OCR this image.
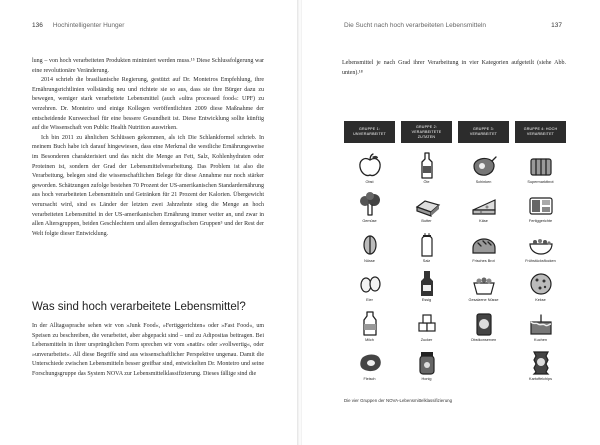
136 Hochintelligenter Hunger

lung – von hoch verarbeiteten Produkten minimiert werden muss.¹⁵ Diese Schlussfolgerung war eine revolutionäre Veränderung.

2014 schrieb die brasilianische Regierung, gestützt auf Dr. Monteiros Empfehlung, ihre Ernährungsrichtlinien vollständig neu und richtete sie so aus, dass sie ihre Bürger dazu zu bewegen, weniger stark verarbeitete Lebensmittel (auch »ultra processed food«: UPF) zu verzehren. Dr. Monteiro und einige Kollegen veröffentlichten 2009 diese Maßnahme der entscheidende Kurswechsel für eine bessere Gesundheit ist. Diese Entwicklung sollte künftig auf die Wissenschaft von Public Health Nutrition auswirken.

Ich bin 2011 zu ähnlichen Schlüssen gekommen, als ich Die Schlankformel schrieb. In meinem Buch habe ich darauf hingewiesen, dass eine Merkmal die westliche Ernährungsweise im Besonderen charakterisiert und das nicht die Menge an Fett, Salz, Kohlenhydraten oder Proteinen ist, sondern der Grad der Lebensmittelverarbeitung. Das Problem ist also die Verarbeitung, belegen sind die wissenschaftlichen Belege für diese Annahme nur noch stärker geworden. Schätzungen zufolge bestehen 70 Prozent der US-amerikanischen Standardernährung aus hoch verarbeiteten Lebensmitteln und Getränken für 21 Prozent der Kalorien. Übergewicht verursacht wird, sind es Länder der letzten zwei Jahrzehnte stieg die Menge an hoch verarbeiteten Lebensmittel in der US-amerikanischen Ernährung immer weiter an, und zwar in allen Altersgruppen, beiden Geschlechtern und allen demografischen Gruppen⁵ und der Rest der Welt folgte dieser Entwicklung.

Was sind hoch verarbeitete Lebensmittel?

In der Alltagssprache sehen wir von »Junk Food«, »Fertiggerichten« oder »Fast Food«, um Speisen zu beschreiben, die verarbeitet, aber abgepackt sind – und zu Adipositas beitragen. Bei Lebensmitteln in ihrer ursprünglichen Form sprechen wir vom »natür« oder »vollwertig«, oder »unverarbeitet«. All diese Begriffe sind aus wissenschaftlicher Perspektive ungenau. Damit die Unterschiede zwischen Lebensmitteln besser greifbar sind, entwickelten Dr. Monteiro und seine Forschungsgruppe das System NOVA zur Lebensmittelklassifizierung. Dieses fällige sind die

Die Sucht nach hoch verarbeiteten Lebensmitteln	137
Lebensmittel je nach Grad ihrer Verarbeitung in vier Kategorien aufgeteilt (siehe Abb. unten).¹⁸
GRUPPE 1: UNVERARBEITET
GRUPPE 2: VERARBEITETE ZUTATEN
GRUPPE 3: VERARBEITET
GRUPPE 4: HOCH VERARBEITET
Obst
Gemüse
Nüsse
Eier
Milch
Fleisch
Öle
Butter
Salz
Essig
Zucker
Honig
Schinken
Käse
Frisches Brot
Gesalzene Nüsse
Obstkonserven
Supermarktbrot
Fertiggerichte
Frühstücksflocken
Kekse
Kuchen
Kartoffelchips
Die vier Gruppen der NOVA-Lebensmittelklassifizierung
